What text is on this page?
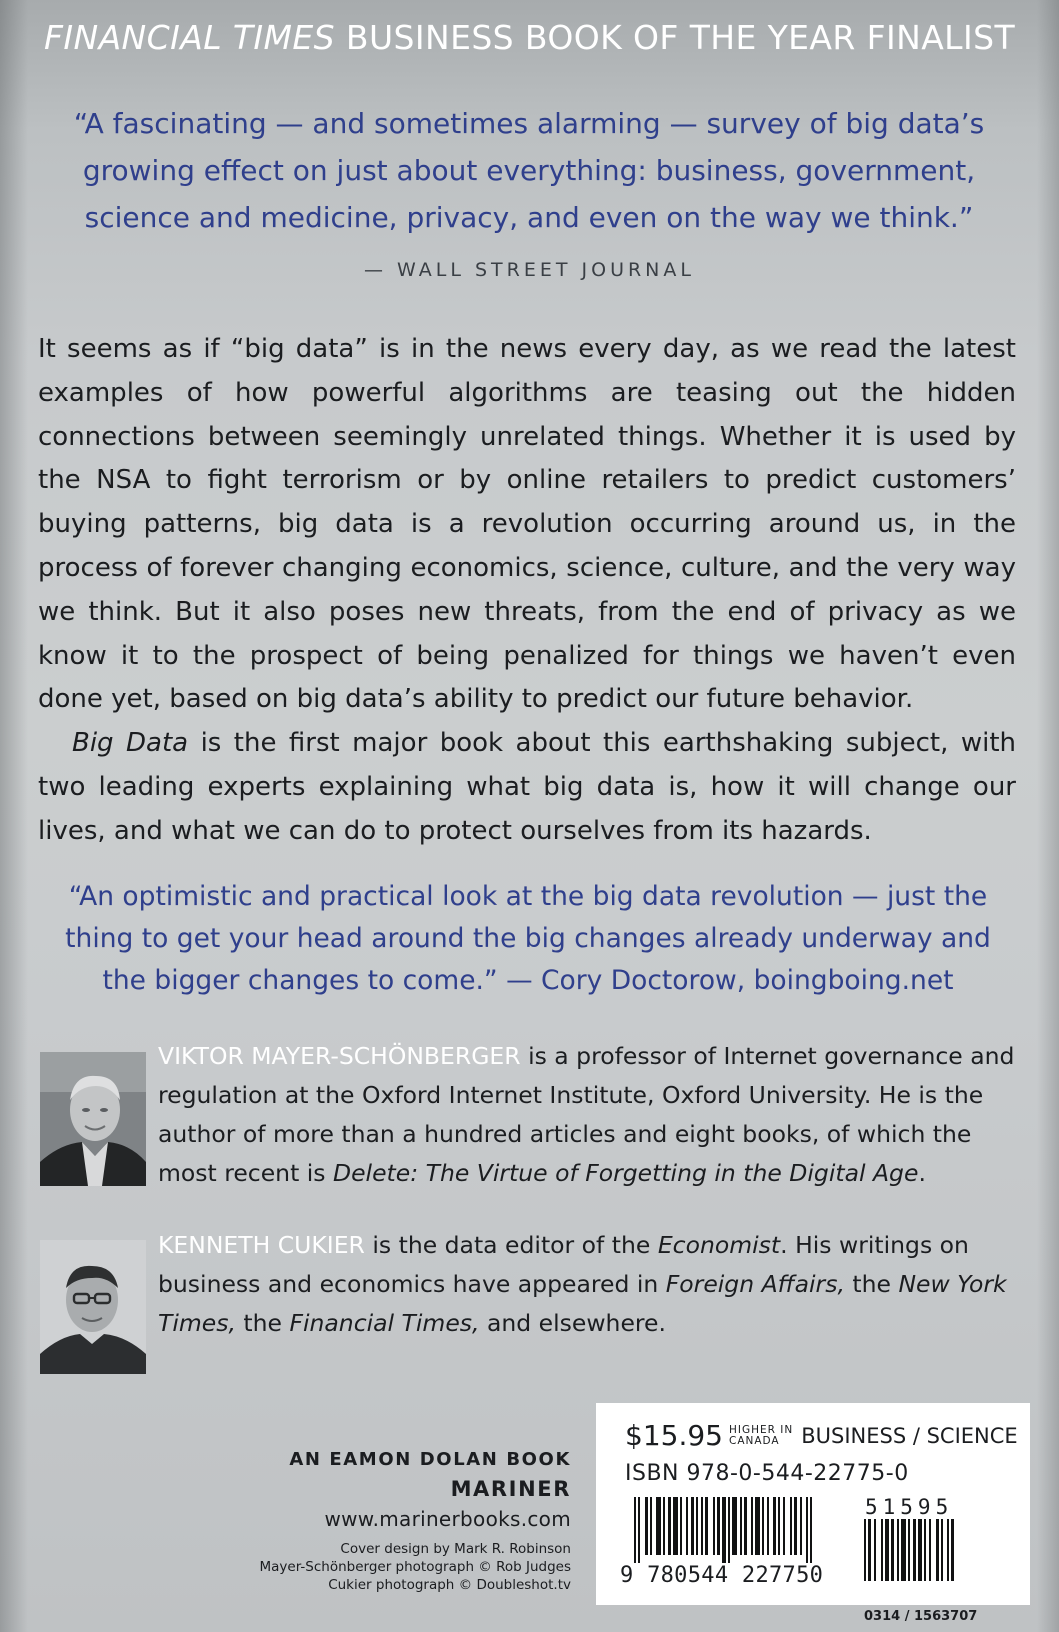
FINANCIAL TIMES BUSINESS BOOK OF THE YEAR FINALIST
“A fascinating — and sometimes alarming — survey of big data’s growing effect on just about everything: business, government, science and medicine, privacy, and even on the way we think.”
— WALL STREET JOURNAL

It seems as if “big data” is in the news every day, as we read the latest examples of how powerful algorithms are teasing out the hidden connections between seemingly unrelated things. Whether it is used by the NSA to fight terrorism or by online retailers to predict customers’ buying patterns, big data is a revolution occurring around us, in the process of forever changing economics, science, culture, and the very way we think. But it also poses new threats, from the end of privacy as we know it to the prospect of being penalized for things we haven’t even done yet, based on big data’s ability to predict our future behavior.

Big Data is the first major book about this earthshaking subject, with two leading experts explaining what big data is, how it will change our lives, and what we can do to protect ourselves from its hazards.

“An optimistic and practical look at the big data revolution — just the thing to get your head around the big changes already underway and the bigger changes to come.” — Cory Doctorow, boingboing.net
VIKTOR MAYER-SCHÖNBERGER is a professor of Internet governance and regulation at the Oxford Internet Institute, Oxford University. He is the author of more than a hundred articles and eight books, of which the most recent is Delete: The Virtue of Forgetting in the Digital Age.
KENNETH CUKIER is the data editor of the Economist. His writings on business and economics have appeared in Foreign Affairs, the New York Times, the Financial Times, and elsewhere.
AN EAMON DOLAN BOOK
MARINER
www.marinerbooks.com
Cover design by Mark R. Robinson
Mayer-Schönberger photograph © Rob Judges
Cukier photograph © Doubleshot.tv
$15.95 HIGHER IN
CANADA BUSINESS / SCIENCE
ISBN 978-0-544-22775-0
51595
9 780544 227750
0314 / 1563707
